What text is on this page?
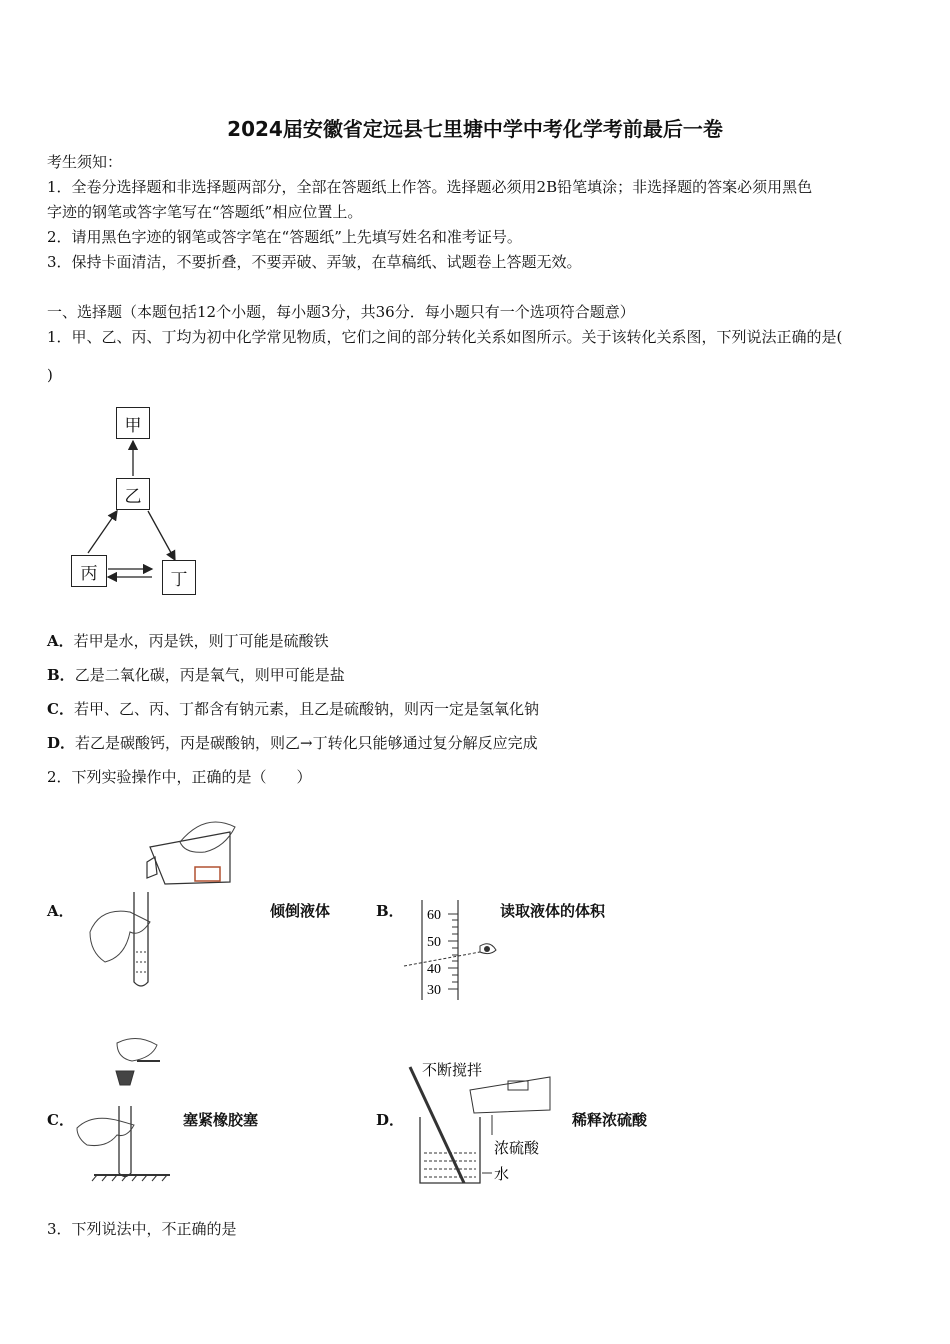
2024届安徽省定远县七里塘中学中考化学考前最后一卷
考生须知：
1．全卷分选择题和非选择题两部分，全部在答题纸上作答。选择题必须用2B铅笔填涂；非选择题的答案必须用黑色
字迹的钢笔或答字笔写在“答题纸”相应位置上。
2．请用黑色字迹的钢笔或答字笔在“答题纸”上先填写姓名和准考证号。
3．保持卡面清洁，不要折叠，不要弄破、弄皱，在草稿纸、试题卷上答题无效。
一、选择题（本题包括12个小题，每小题3分，共36分．每小题只有一个选项符合题意）
1．甲、乙、丙、丁均为初中化学常见物质，它们之间的部分转化关系如图所示。关于该转化关系图，下列说法正确的是(
)
甲
乙
丙	丁
A．若甲是水，丙是铁，则丁可能是硫酸铁
B．乙是二氧化碳，丙是氧气，则甲可能是盐
C．若甲、乙、丙、丁都含有钠元素，且乙是硫酸钠，则丙一定是氢氧化钠
D．若乙是碳酸钙，丙是碳酸钠，则乙→丁转化只能够通过复分解反应完成
2．下列实验操作中，正确的是（　　）
A．	倾倒液体	B． 60
50
40
30
读取液体的体积
C．	塞紧橡胶塞	D．
不断搅拌
浓硫酸
水
稀释浓硫酸
3．下列说法中，不正确的是
